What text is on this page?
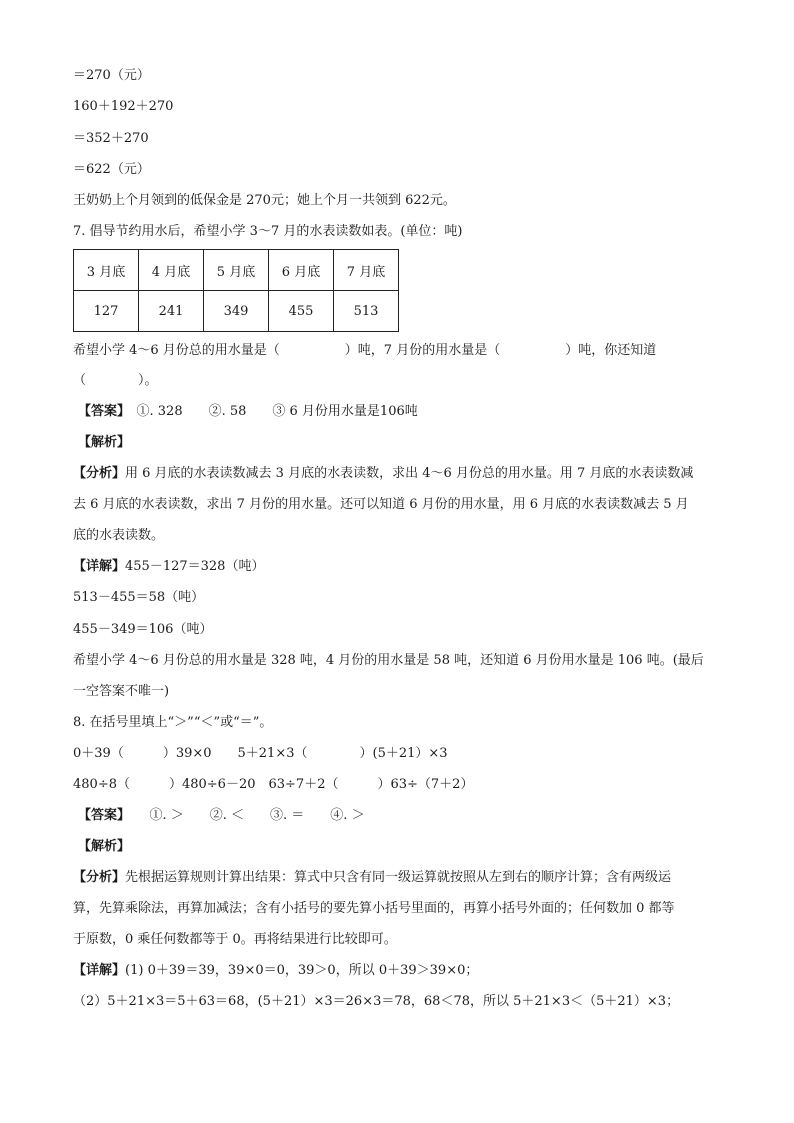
＝270（元）
160＋192＋270
＝352＋270
＝622（元）
王奶奶上个月领到的低保金是 270元；她上个月一共领到 622元。
7. 倡导节约用水后，希望小学 3～7 月的水表读数如表。(单位：吨)
3 月底	4 月底	5 月底	6 月底	7 月底
127	241	349	455	513
希望小学 4～6 月份总的用水量是（　　　　　）吨，7 月份的用水量是（　　　　　）吨，你还知道
（　　　　）。
【答案】　①. 328　　②. 58　　③ 6 月份用水量是106吨
【解析】
【分析】用 6 月底的水表读数减去 3 月底的水表读数，求出 4～6 月份总的用水量。用 7 月底的水表读数减
去 6 月底的水表读数，求出 7 月份的用水量。还可以知道 6 月份的用水量，用 6 月底的水表读数减去 5 月
底的水表读数。
【详解】455－127＝328（吨）
513－455＝58（吨）
455－349＝106（吨）
希望小学 4～6 月份总的用水量是 328 吨，4 月份的用水量是 58 吨，还知道 6 月份用水量是 106 吨。(最后
一空答案不唯一)
8. 在括号里填上“＞”“＜”或“＝”。
0＋39（　　　）39×0　　5＋21×3（　　　　）(5＋21）×3
480÷8（　　　）480÷6－20　63÷7＋2（　　　）63÷（7＋2）
【答案】　　①. ＞　　②. ＜　　③. ＝　　④. ＞
【解析】
【分析】先根据运算规则计算出结果：算式中只含有同一级运算就按照从左到右的顺序计算；含有两级运
算，先算乘除法，再算加减法；含有小括号的要先算小括号里面的，再算小括号外面的；任何数加 0 都等
于原数，0 乘任何数都等于 0。再将结果进行比较即可。
【详解】(1) 0＋39＝39，39×0＝0，39＞0，所以 0＋39＞39×0；
（2）5＋21×3＝5＋63＝68，(5＋21）×3＝26×3＝78，68＜78，所以 5＋21×3＜（5＋21）×3；
